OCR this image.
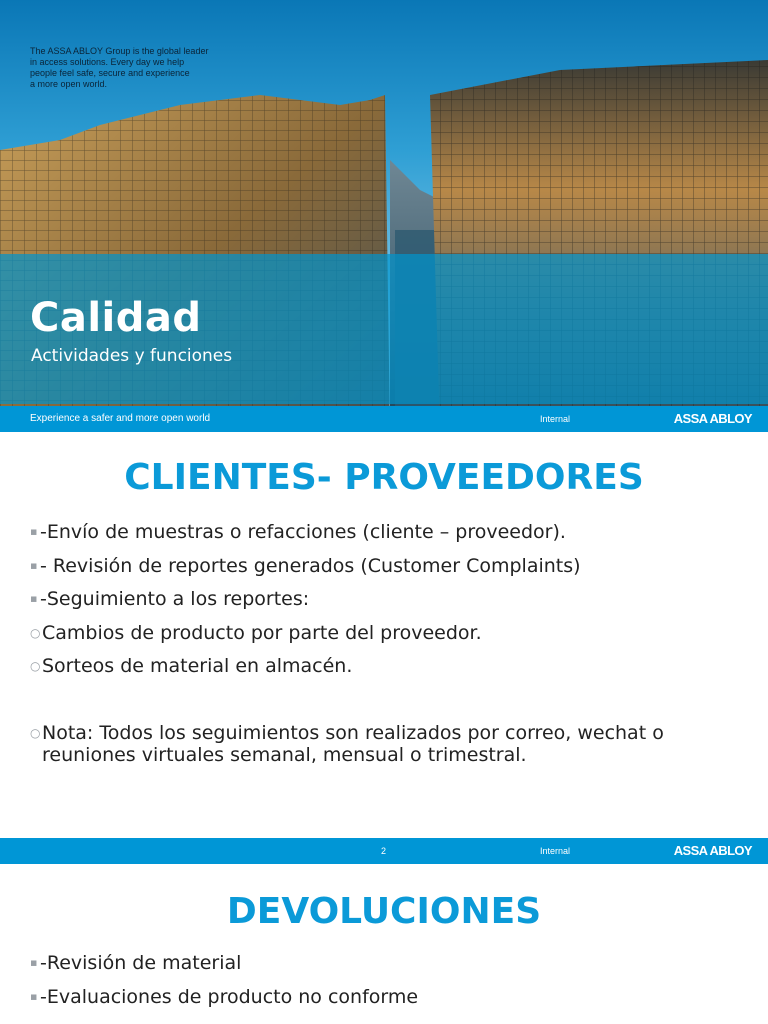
The ASSA ABLOY Group is the global leader
in access solutions. Every day we help
people feel safe, secure and experience
a more open world.
Calidad
Actividades y funciones
Experience a safer and more open world	Internal	ASSA ABLOY
CLIENTES- PROVEEDORES
▪ -Envío de muestras o refacciones (cliente – proveedor).
▪ - Revisión de reportes generados (Customer Complaints)
▪ -Seguimiento a los reportes:
○Cambios de producto por parte del proveedor.
○Sorteos de material en almacén.
○Nota: Todos los seguimientos son realizados por correo, wechat o reuniones virtuales semanal, mensual o trimestral.
2	Internal	ASSA ABLOY
DEVOLUCIONES
▪ -Revisión de material
▪ -Evaluaciones de producto no conforme
